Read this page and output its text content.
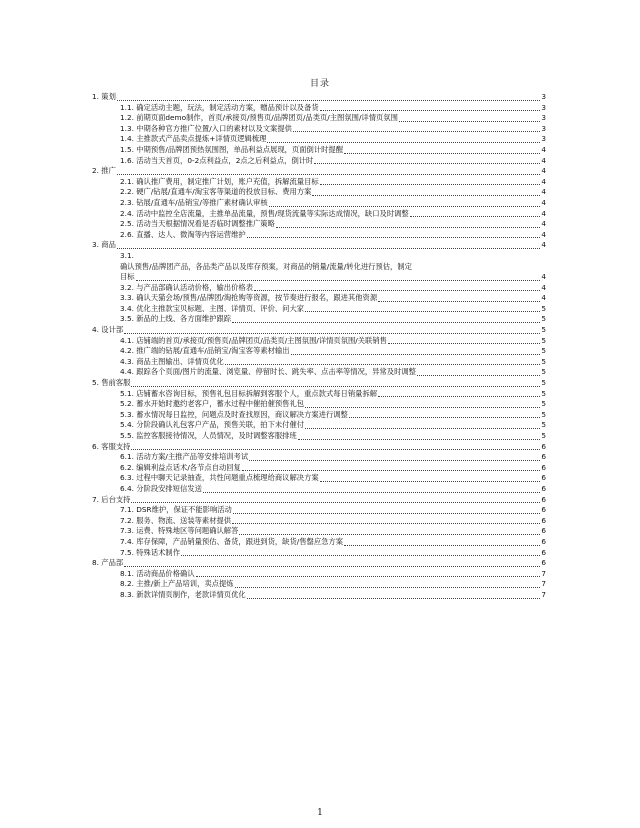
目录
1. 策划	3
1.1. 确定活动主题，玩法，制定活动方案，赠品预计以及备货	3
1.2. 前期页面demo制作，首页/承接页/预售页/品牌团页/品类页/主图氛围/详情页氛围	3
1.3. 中期各种官方推广位置/入口的素材以及文案提供	3
1.4. 主推款式产品卖点提炼+详情页逻辑梳理	3
1.5. 中期预售/品牌团预热氛围图，单品利益点展现，页面倒计时提醒	4
1.6. 活动当天首页，0-2点利益点，2点之后利益点，倒计时	4
2. 推广	4
2.1. 确认推广费用，制定推广计划，账户充值，拆解流量目标	4
2.2. 硬广/钻展/直通车/淘宝客等渠道的投放目标、费用方案	4
2.3. 钻展/直通车/品销宝/等推广素材确认审核	4
2.4. 活动中监控全店流量，主推单品流量，预售/现货流量等实际达成情况，缺口及时调整	4
2.5. 活动当天根据情况看是否临时调整推广策略	4
2.6. 直播、达人、微淘等内容运营维护	4
3. 商品	4
3.1.
确认预售/品牌团产品，各品类产品以及库存预案，对商品的销量/流量/转化进行预估，制定
目标	4
3.2. 与产品部确认活动价格，输出价格表	4
3.3. 确认天猫会场/预售/品牌团/淘抢购等资源，按节奏进行报名，跟进其他资源	4
3.4. 优化主推款宝贝标题、主图、详情页、评价、问大家	5
3.5. 新品的上线、各方面维护跟踪	5
4. 设计部	5
4.1. 店铺端的首页/承接页/预售页/品牌团页/品类页/主图氛围/详情页氛围/关联销售	5
4.2. 推广端的钻展/直通车/品销宝/淘宝客等素材输出	5
4.3. 商品主图输出、详情页优化	5
4.4. 跟踪各个页面/图片的流量、浏览量、停留时长、跳失率、点击率等情况，异常及时调整	5
5. 售前客服	5
5.1. 店铺蓄水咨询目标，预售礼包目标拆解到客服个人，重点款式每日销量拆解	5
5.2. 蓄水开始时邀约老客户，蓄水过程中催拍催预售礼包	5
5.3. 蓄水情况每日监控，问题点及时查找原因，商议解决方案进行调整	5
5.4. 分阶段确认礼包客户产品，预售关联，拍下未付催付	5
5.5. 监控客服接待情况，人员情况，及时调整客服排班	5
6. 客服支持	6
6.1. 活动方案/主推产品等安排培训考试	6
6.2. 编辑利益点话术/各节点自动回复	6
6.3. 过程中聊天记录抽查，共性问题重点梳理给商议解决方案	6
6.4. 分阶段安排短信发送	6
7. 后台支持	6
7.1. DSR维护，保证不能影响活动	6
7.2. 服务、物流、送装等素材提供	6
7.3. 运费、特殊地区等问题确认解答	6
7.4. 库存保障，产品销量预估、备货，跟进到货，缺货/售罄应急方案	6
7.5. 特殊话术制作	6
8. 产品部	6
8.1. 活动商品价格确认	7
8.2. 主推/新上产品培训，卖点提炼	7
8.3. 新款详情页制作，老款详情页优化	7
1
